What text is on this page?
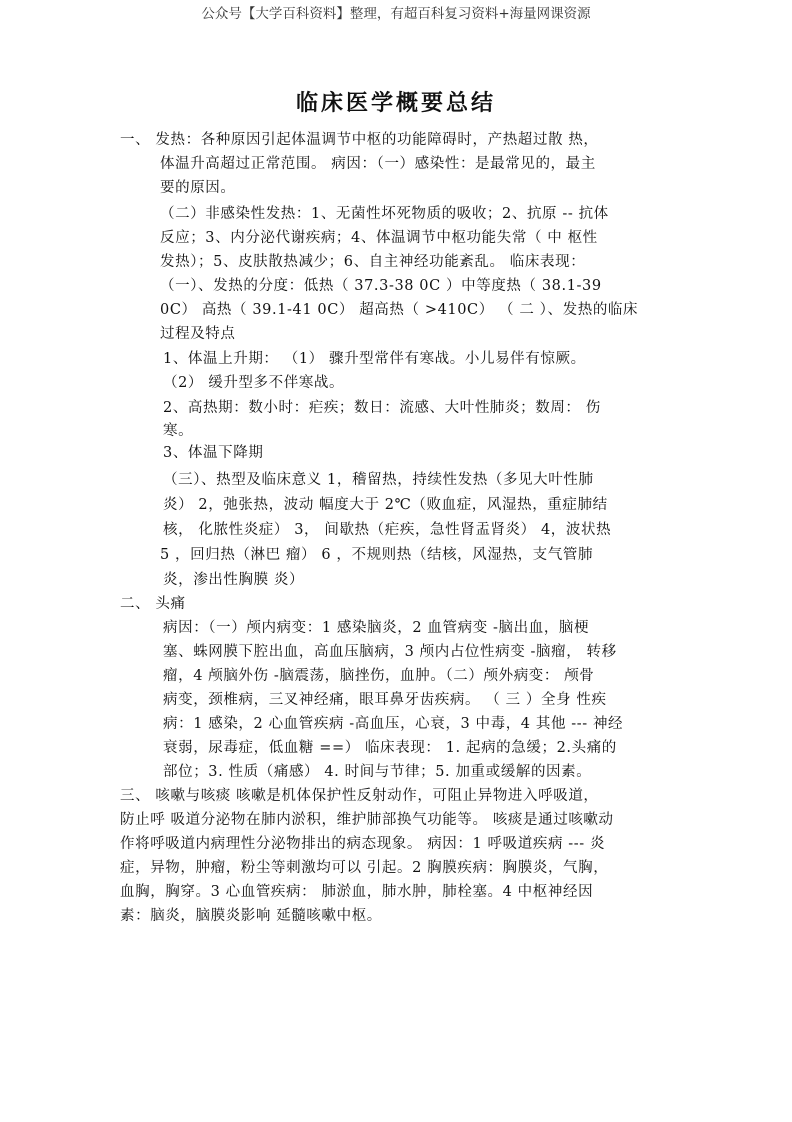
公众号【大学百科资料】整理，有超百科复习资料+海量网课资源
临床医学概要总结
一、 发热：各种原因引起体温调节中枢的功能障碍时，产热超过散 热，
体温升高超过正常范围。 病因：（一）感染性：是最常见的，最主
要的原因。
（二）非感染性发热：1、无菌性坏死物质的吸收；2、抗原 -- 抗体
反应；3、内分泌代谢疾病；4、体温调节中枢功能失常（ 中 枢性
发热）；5、皮肤散热减少；6、自主神经功能紊乱。 临床表现：
（一）、发热的分度：低热（ 37.3-38 0C ）中等度热（ 38.1-39
0C） 高热（ 39.1-41 0C） 超高热（ >410C） （ 二 ）、发热的临床
过程及特点
1、体温上升期： （1） 骤升型常伴有寒战。小儿易伴有惊厥。
（2） 缓升型多不伴寒战。
2、高热期：数小时：疟疾；数日：流感、大叶性肺炎；数周： 伤
寒。
3、体温下降期
（三）、热型及临床意义 1，稽留热，持续性发热（多见大叶性肺
炎） 2，弛张热，波动 幅度大于 2℃（败血症，风湿热，重症肺结
核， 化脓性炎症） 3， 间歇热（疟疾，急性肾盂肾炎） 4，波状热
5 ，回归热（淋巴 瘤） 6 ，不规则热（结核，风湿热，支气管肺
炎，渗出性胸膜 炎）
二、 头痛
病因：（一）颅内病变：1 感染脑炎，2 血管病变 -脑出血，脑梗
塞、蛛网膜下腔出血，高血压脑病，3 颅内占位性病变 -脑瘤， 转移
瘤，4 颅脑外伤 -脑震荡，脑挫伤，血肿。（二）颅外病变： 颅骨
病变，颈椎病，三叉神经痛，眼耳鼻牙齿疾病。 （ 三 ）全身 性疾
病：1 感染，2 心血管疾病 -高血压，心衰，3 中毒，4 其他 --- 神经
衰弱，尿毒症，低血糖 ==） 临床表现： 1. 起病的急缓；2.头痛的
部位；3. 性质（痛感） 4. 时间与节律；5. 加重或缓解的因素。
三、 咳嗽与咳痰 咳嗽是机体保护性反射动作，可阻止异物进入呼吸道，
防止呼 吸道分泌物在肺内淤积，维护肺部换气功能等。 咳痰是通过咳嗽动
作将呼吸道内病理性分泌物排出的病态现象。 病因：1 呼吸道疾病 --- 炎
症，异物，肿瘤，粉尘等刺激均可以 引起。2 胸膜疾病：胸膜炎，气胸，
血胸，胸穿。3 心血管疾病： 肺淤血，肺水肿，肺栓塞。4 中枢神经因
素：脑炎，脑膜炎影响 延髓咳嗽中枢。
